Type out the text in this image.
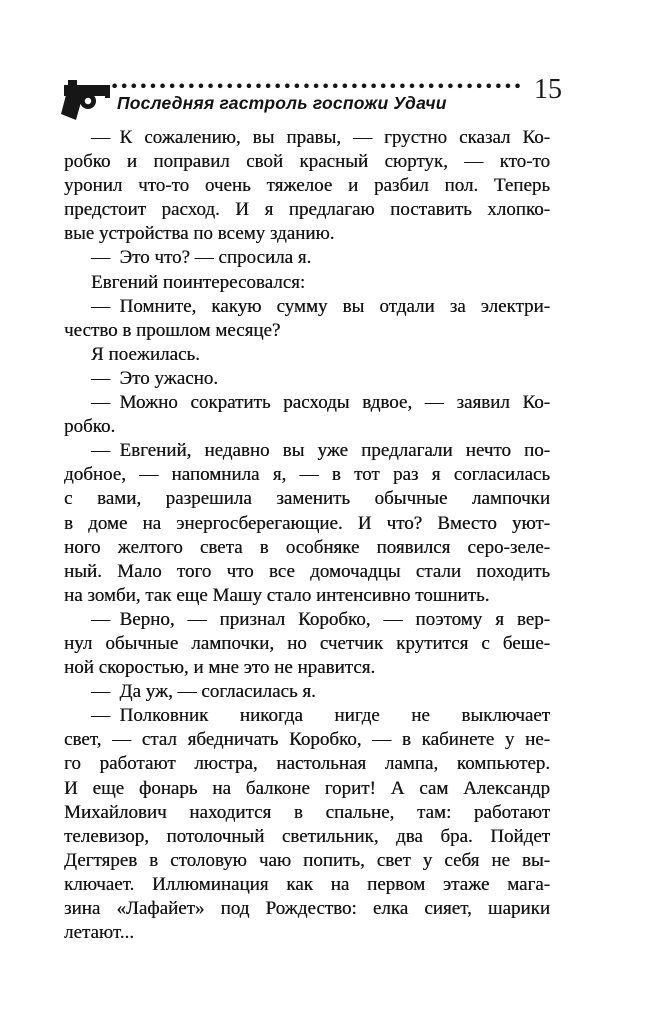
Последняя гастроль госпожи Удачи	15
— К сожалению, вы правы, — грустно сказал Ко-
робко и поправил свой красный сюртук, — кто-то
уронил что-то очень тяжелое и разбил пол. Теперь
предстоит расход. И я предлагаю поставить хлопко-
вые устройства по всему зданию.
— Это что? — спросила я.
Евгений поинтересовался:
— Помните, какую сумму вы отдали за электри-
чество в прошлом месяце?
Я поежилась.
— Это ужасно.
— Можно сократить расходы вдвое, — заявил Ко-
робко.
— Евгений, недавно вы уже предлагали нечто по-
добное, — напомнила я, — в тот раз я согласилась
с вами, разрешила заменить обычные лампочки
в доме на энергосберегающие. И что? Вместо уют-
ного желтого света в особняке появился серо-зеле-
ный. Мало того что все домочадцы стали походить
на зомби, так еще Машу стало интенсивно тошнить.
— Верно, — признал Коробко, — поэтому я вер-
нул обычные лампочки, но счетчик крутится с беше-
ной скоростью, и мне это не нравится.
— Да уж, — согласилась я.
— Полковник никогда нигде не выключает
свет, — стал ябедничать Коробко, — в кабинете у не-
го работают люстра, настольная лампа, компьютер.
И еще фонарь на балконе горит! А сам Александр
Михайлович находится в спальне, там: работают
телевизор, потолочный светильник, два бра. Пойдет
Дегтярев в столовую чаю попить, свет у себя не вы-
ключает. Иллюминация как на первом этаже мага-
зина «Лафайет» под Рождество: елка сияет, шарики
летают...
